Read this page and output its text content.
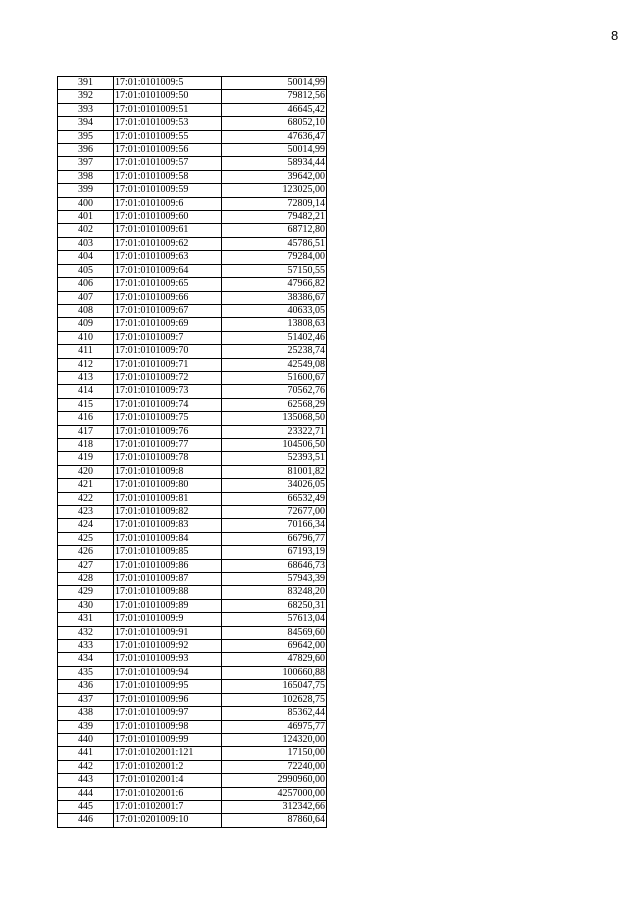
8
391	17:01:0101009:5	50014,99
392	17:01:0101009:50	79812,56
393	17:01:0101009:51	46645,42
394	17:01:0101009:53	68052,10
395	17:01:0101009:55	47636,47
396	17:01:0101009:56	50014,99
397	17:01:0101009:57	58934,44
398	17:01:0101009:58	39642,00
399	17:01:0101009:59	123025,00
400	17:01:0101009:6	72809,14
401	17:01:0101009:60	79482,21
402	17:01:0101009:61	68712,80
403	17:01:0101009:62	45786,51
404	17:01:0101009:63	79284,00
405	17:01:0101009:64	57150,55
406	17:01:0101009:65	47966,82
407	17:01:0101009:66	38386,67
408	17:01:0101009:67	40633,05
409	17:01:0101009:69	13808,63
410	17:01:0101009:7	51402,46
411	17:01:0101009:70	25238,74
412	17:01:0101009:71	42549,08
413	17:01:0101009:72	51600,67
414	17:01:0101009:73	70562,76
415	17:01:0101009:74	62568,29
416	17:01:0101009:75	135068,50
417	17:01:0101009:76	23322,71
418	17:01:0101009:77	104506,50
419	17:01:0101009:78	52393,51
420	17:01:0101009:8	81001,82
421	17:01:0101009:80	34026,05
422	17:01:0101009:81	66532,49
423	17:01:0101009:82	72677,00
424	17:01:0101009:83	70166,34
425	17:01:0101009:84	66796,77
426	17:01:0101009:85	67193,19
427	17:01:0101009:86	68646,73
428	17:01:0101009:87	57943,39
429	17:01:0101009:88	83248,20
430	17:01:0101009:89	68250,31
431	17:01:0101009:9	57613,04
432	17:01:0101009:91	84569,60
433	17:01:0101009:92	69642,00
434	17:01:0101009:93	47829,60
435	17:01:0101009:94	100660,88
436	17:01:0101009:95	165047,75
437	17:01:0101009:96	102628,75
438	17:01:0101009:97	85362,44
439	17:01:0101009:98	46975,77
440	17:01:0101009:99	124320,00
441	17:01:0102001:121	17150,00
442	17:01:0102001:2	72240,00
443	17:01:0102001:4	2990960,00
444	17:01:0102001:6	4257000,00
445	17:01:0102001:7	312342,66
446	17:01:0201009:10	87860,64
